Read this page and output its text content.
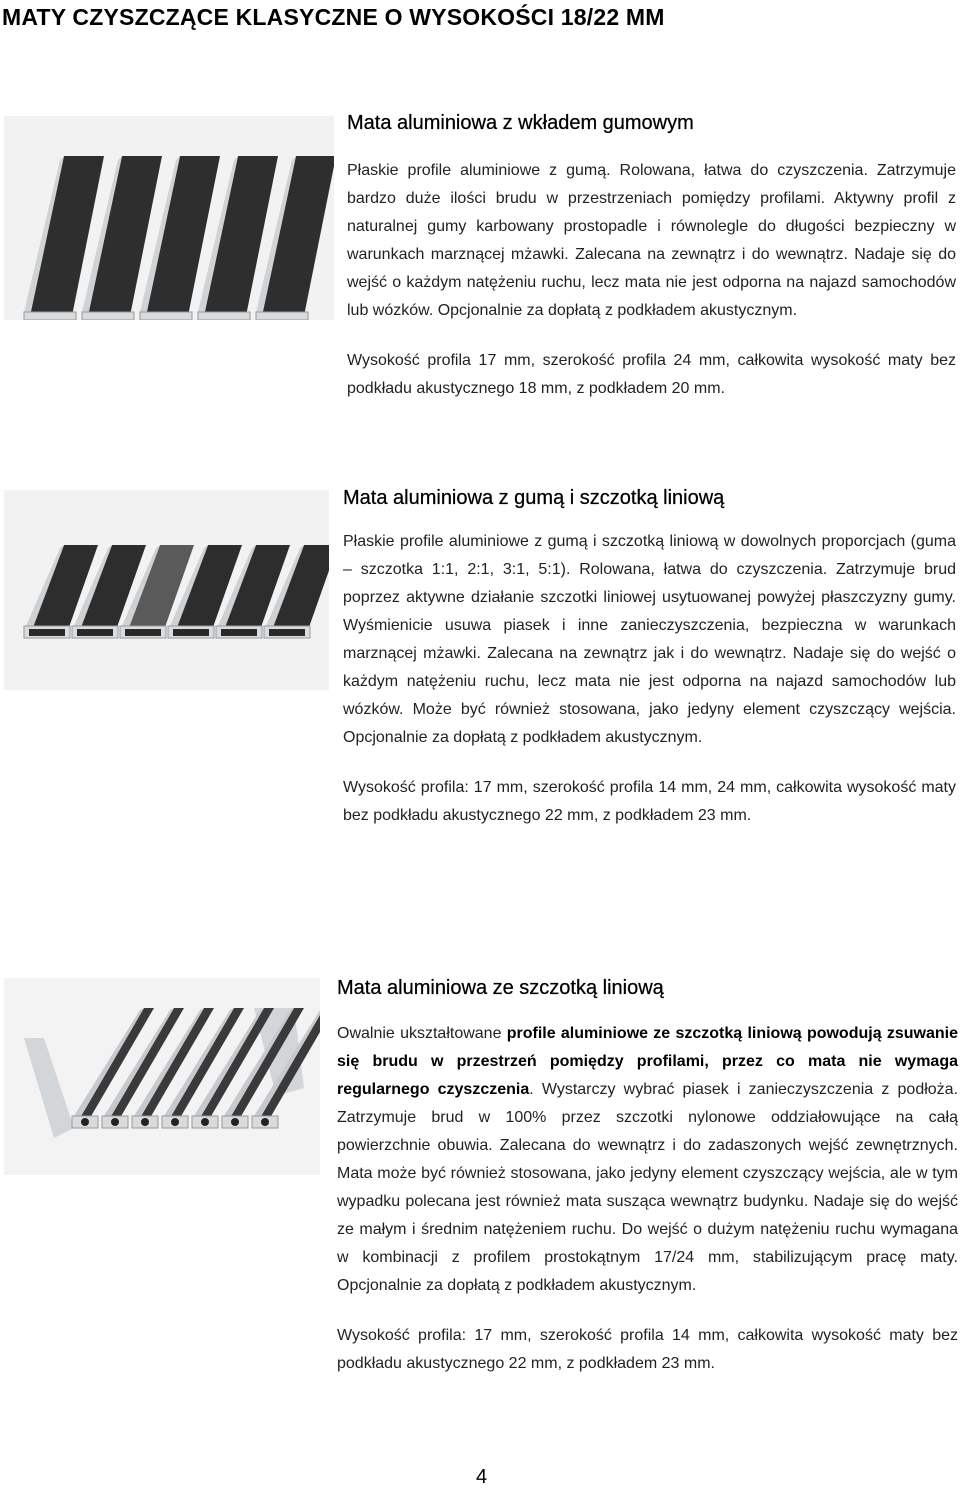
MATY CZYSZCZĄCE KLASYCZNE O WYSOKOŚCI 18/22 MM
Mata aluminiowa z wkładem gumowym

Płaskie profile aluminiowe z gumą. Rolowana, łatwa do czyszczenia. Zatrzymuje bardzo duże ilości brudu w przestrzeniach pomiędzy profilami. Aktywny profil z naturalnej gumy karbowany prostopadle i równolegle do długości bezpieczny w warunkach marznącej mżawki. Zalecana na zewnątrz i do wewnątrz. Nadaje się do wejść o każdym natężeniu ruchu, lecz mata nie jest odporna na najazd samochodów lub wózków. Opcjonalnie za dopłatą z podkładem akustycznym.

Wysokość profila 17 mm, szerokość profila 24 mm, całkowita wysokość maty bez podkładu akustycznego 18 mm, z podkładem 20 mm.

Mata aluminiowa z gumą i szczotką liniową

Płaskie profile aluminiowe z gumą i szczotką liniową w dowolnych proporcjach (guma – szczotka 1:1, 2:1, 3:1, 5:1). Rolowana, łatwa do czyszczenia. Zatrzymuje brud poprzez aktywne działanie szczotki liniowej usytuowanej powyżej płaszczyzny gumy. Wyśmienicie usuwa piasek i inne zanieczyszczenia, bezpieczna w warunkach marznącej mżawki. Zalecana na zewnątrz jak i do wewnątrz. Nadaje się do wejść o każdym natężeniu ruchu, lecz mata nie jest odporna na najazd samochodów lub wózków. Może być również stosowana, jako jedyny element czyszczący wejścia. Opcjonalnie za dopłatą z podkładem akustycznym.

Wysokość profila: 17 mm, szerokość profila 14 mm, 24 mm, całkowita wysokość maty bez podkładu akustycznego 22 mm, z podkładem 23 mm.

Mata aluminiowa ze szczotką liniową

Owalnie ukształtowane profile aluminiowe ze szczotką liniową powodują zsuwanie się brudu w przestrzeń pomiędzy profilami, przez co mata nie wymaga regularnego czyszczenia. Wystarczy wybrać piasek i zanieczyszczenia z podłoża. Zatrzymuje brud w 100% przez szczotki nylonowe oddziałowujące na całą powierzchnie obuwia. Zalecana do wewnątrz i do zadaszonych wejść zewnętrznych. Mata może być również stosowana, jako jedyny element czyszczący wejścia, ale w tym wypadku polecana jest również mata susząca wewnątrz budynku. Nadaje się do wejść ze małym i średnim natężeniem ruchu. Do wejść o dużym natężeniu ruchu wymagana w kombinacji z profilem prostokątnym 17/24 mm, stabilizującym pracę maty. Opcjonalnie za dopłatą z podkładem akustycznym.

Wysokość profila: 17 mm, szerokość profila 14 mm, całkowita wysokość maty bez podkładu akustycznego 22 mm, z podkładem 23 mm.

4
